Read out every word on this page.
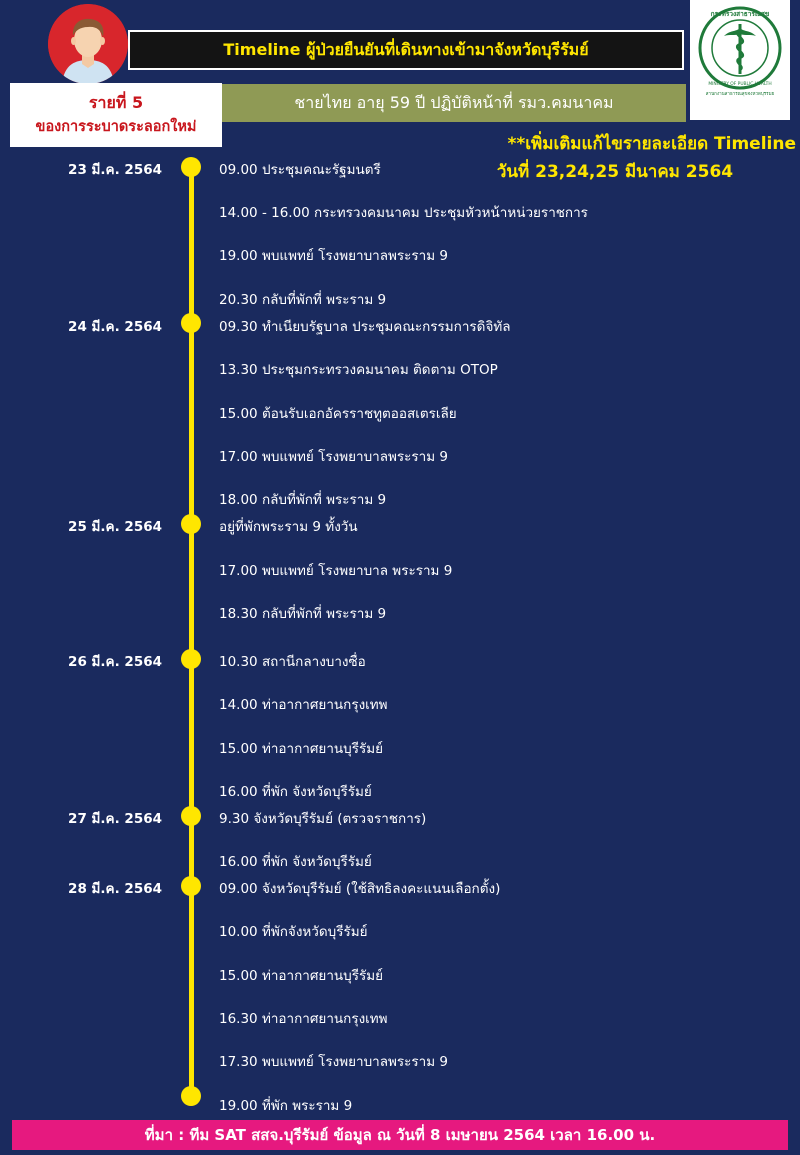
Timeline ผู้ป่วยยืนยันที่เดินทางเข้ามาจังหวัดบุรีรัมย์
กระทรวงสาธารณสุข
MINISTRY OF PUBLIC HEALTH
สำนักงานสาธารณสุขจังหวัดบุรีรัมย์
รายที่ 5
ของการระบาดระลอกใหม่
ชายไทย อายุ 59 ปี ปฏิบัติหน้าที่ รมว.คมนาคม
**เพิ่มเติมแก้ไขรายละเอียด Timeline
วันที่ 23,24,25 มีนาคม 2564
23 มี.ค. 2564
24 มี.ค. 2564
25 มี.ค. 2564
26 มี.ค. 2564
27 มี.ค. 2564
28 มี.ค. 2564
09.00 ประชุมคณะรัฐมนตรี
14.00 - 16.00 กระทรวงคมนาคม ประชุมหัวหน้าหน่วยราชการ
19.00 พบแพทย์ โรงพยาบาลพระราม 9
20.30 กลับที่พักที่ พระราม 9
09.30 ทำเนียบรัฐบาล ประชุมคณะกรรมการดิจิทัล
13.30 ประชุมกระทรวงคมนาคม ติดตาม OTOP
15.00 ต้อนรับเอกอัครราชทูตออสเตรเลีย
17.00 พบแพทย์ โรงพยาบาลพระราม 9
18.00 กลับที่พักที่ พระราม 9
อยู่ที่พักพระราม 9 ทั้งวัน
17.00 พบแพทย์ โรงพยาบาล พระราม 9
18.30 กลับที่พักที่ พระราม 9
10.30 สถานีกลางบางซื่อ
14.00 ท่าอากาศยานกรุงเทพ
15.00 ท่าอากาศยานบุรีรัมย์
16.00 ที่พัก จังหวัดบุรีรัมย์
9.30 จังหวัดบุรีรัมย์ (ตรวจราชการ)
16.00 ที่พัก จังหวัดบุรีรัมย์
09.00 จังหวัดบุรีรัมย์ (ใช้สิทธิลงคะแนนเลือกตั้ง)
10.00 ที่พักจังหวัดบุรีรัมย์
15.00 ท่าอากาศยานบุรีรัมย์
16.30 ท่าอากาศยานกรุงเทพ
17.30 พบแพทย์ โรงพยาบาลพระราม 9
19.00 ที่พัก พระราม 9
ที่มา : ทีม SAT สสจ.บุรีรัมย์ ข้อมูล ณ วันที่ 8 เมษายน 2564 เวลา 16.00 น.
